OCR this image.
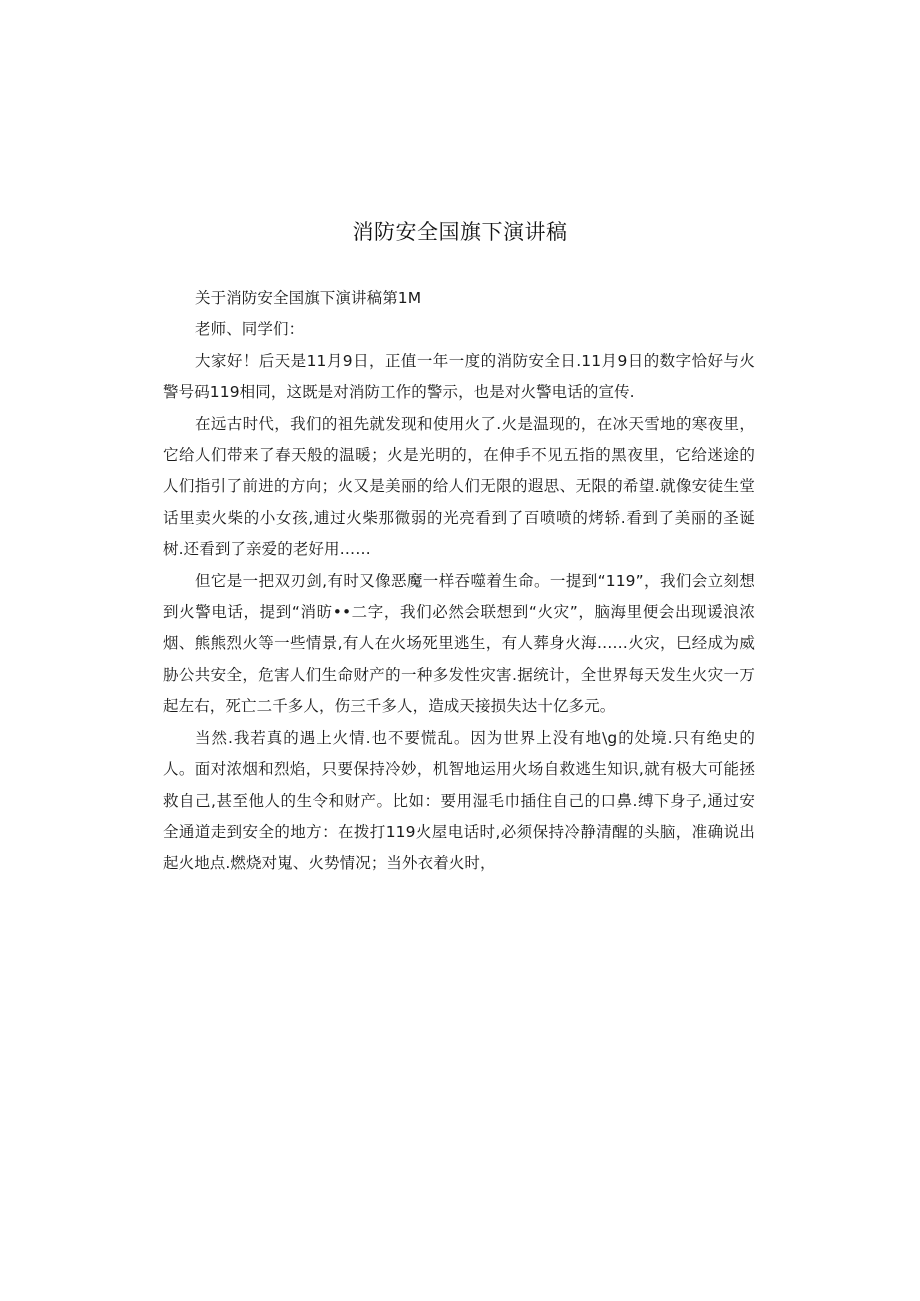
消防安全国旗下演讲稿

关于消防安全国旗下演讲稿第1M

老师、同学们：

大家好！后天是11月9日，正值一年一度的消防安全日.11月9日的数字恰好与火警号码119相同，这既是对消防工作的警示，也是对火警电话的宣传.

在远古时代，我们的祖先就发现和使用火了.火是温现的，在冰天雪地的寒夜里，它给人们带来了春天般的温暖；火是光明的，在伸手不见五指的黑夜里，它给迷途的人们指引了前进的方向；火又是美丽的给人们无限的遐思、无限的希望.就像安徒生堂话里卖火柴的小女孩,逋过火柴那微弱的光亮看到了百喷喷的烤轿.看到了美丽的圣诞树.还看到了亲爱的老好用……

但它是一把双刃剑,有时又像恶魔一样吞噬着生命。一提到“119”，我们会立刻想到火警电话，提到“消昉••二字，我们必然会联想到“火灾”，脑海里便会出现谖浪浓烟、熊熊烈火等一些情景,有人在火场死里逃生，有人葬身火海……火灾，巳经成为威胁公共安全，危害人们生命财产的一种多发性灾害.据统计，全世界每天发生火灾一万起左右，死亡二千多人，伤三千多人，造成天接损失达十亿多元。

当然.我若真的遇上火情.也不要慌乱。因为世界上没有地\g的处境.只有绝史的人。面对浓烟和烈焰，只要保持冷妙，机智地运用火场自救逃生知识,就有极大可能拯救自己,甚至他人的生令和财产。比如：要用湿毛巾插住自己的口鼻.缚下身子,通过安全通道走到安全的地方：在拨打119火屋电话时,必须保持冷静清醒的头脑，准确说出起火地点.燃烧对嵬、火势情况；当外衣着火时，
